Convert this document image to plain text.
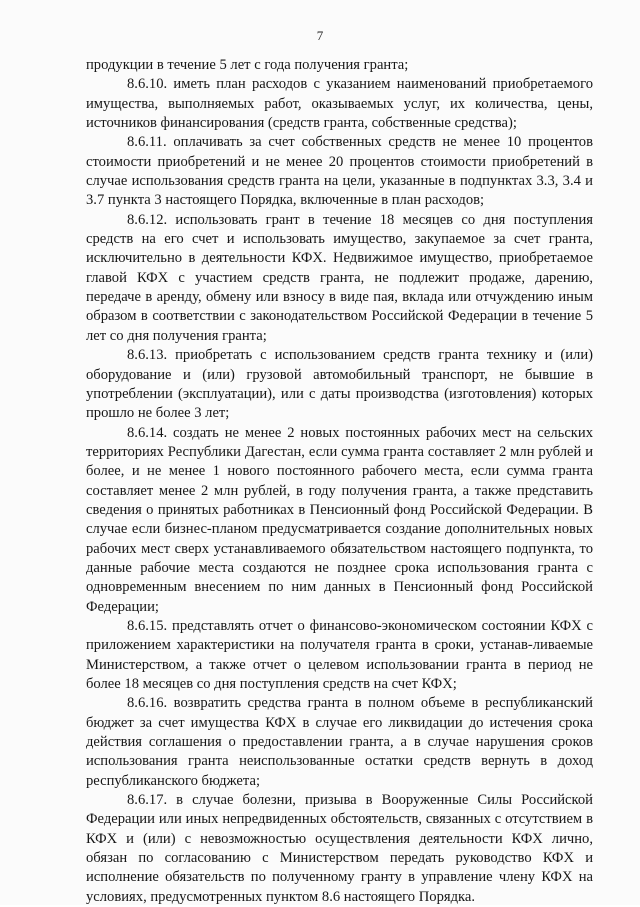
7

продукции в течение 5 лет с года получения гранта;

8.6.10. иметь план расходов с указанием наименований приобретаемого имущества, выполняемых работ, оказываемых услуг, их количества, цены, источников финансирования (средств гранта, собственные средства);

8.6.11. оплачивать за счет собственных средств не менее 10 процентов стоимости приобретений и не менее 20 процентов стоимости приобретений в случае использования средств гранта на цели, указанные в подпунктах 3.3, 3.4 и 3.7 пункта 3 настоящего Порядка, включенные в план расходов;

8.6.12. использовать грант в течение 18 месяцев со дня поступления средств на его счет и использовать имущество, закупаемое за счет гранта, исключительно в деятельности КФХ. Недвижимое имущество, приобретаемое главой КФХ с участием средств гранта, не подлежит продаже, дарению, передаче в аренду, обмену или взносу в виде пая, вклада или отчуждению иным образом в соответствии с законодательством Российской Федерации в течение 5 лет со дня получения гранта;

8.6.13. приобретать с использованием средств гранта технику и (или) оборудование и (или) грузовой автомобильный транспорт, не бывшие в употреблении (эксплуатации), или с даты производства (изготовления) которых прошло не более 3 лет;

8.6.14. создать не менее 2 новых постоянных рабочих мест на сельских территориях Республики Дагестан, если сумма гранта составляет 2 млн рублей и более, и не менее 1 нового постоянного рабочего места, если сумма гранта составляет менее 2 млн рублей, в году получения гранта, а также представить сведения о принятых работниках в Пенсионный фонд Российской Федерации. В случае если бизнес-планом предусматривается создание дополнительных новых рабочих мест сверх устанавливаемого обязательством настоящего подпункта, то данные рабочие места создаются не позднее срока использования гранта с одновременным внесением по ним данных в Пенсионный фонд Российской Федерации;

8.6.15. представлять отчет о финансово-экономическом состоянии КФХ с приложением характеристики на получателя гранта в сроки, устанав-ливаемые Министерством, а также отчет о целевом использовании гранта в период не более 18 месяцев со дня поступления средств на счет КФХ;

8.6.16. возвратить средства гранта в полном объеме в республиканский бюджет за счет имущества КФХ в случае его ликвидации до истечения срока действия соглашения о предоставлении гранта, а в случае нарушения сроков использования гранта неиспользованные остатки средств вернуть в доход республиканского бюджета;

8.6.17. в случае болезни, призыва в Вооруженные Силы Российской Федерации или иных непредвиденных обстоятельств, связанных с отсутствием в КФХ и (или) с невозможностью осуществления деятельности КФХ лично, обязан по согласованию с Министерством передать руководство КФХ и исполнение обязательств по полученному гранту в управление члену КФХ на условиях, предусмотренных пунктом 8.6 настоящего Порядка.
